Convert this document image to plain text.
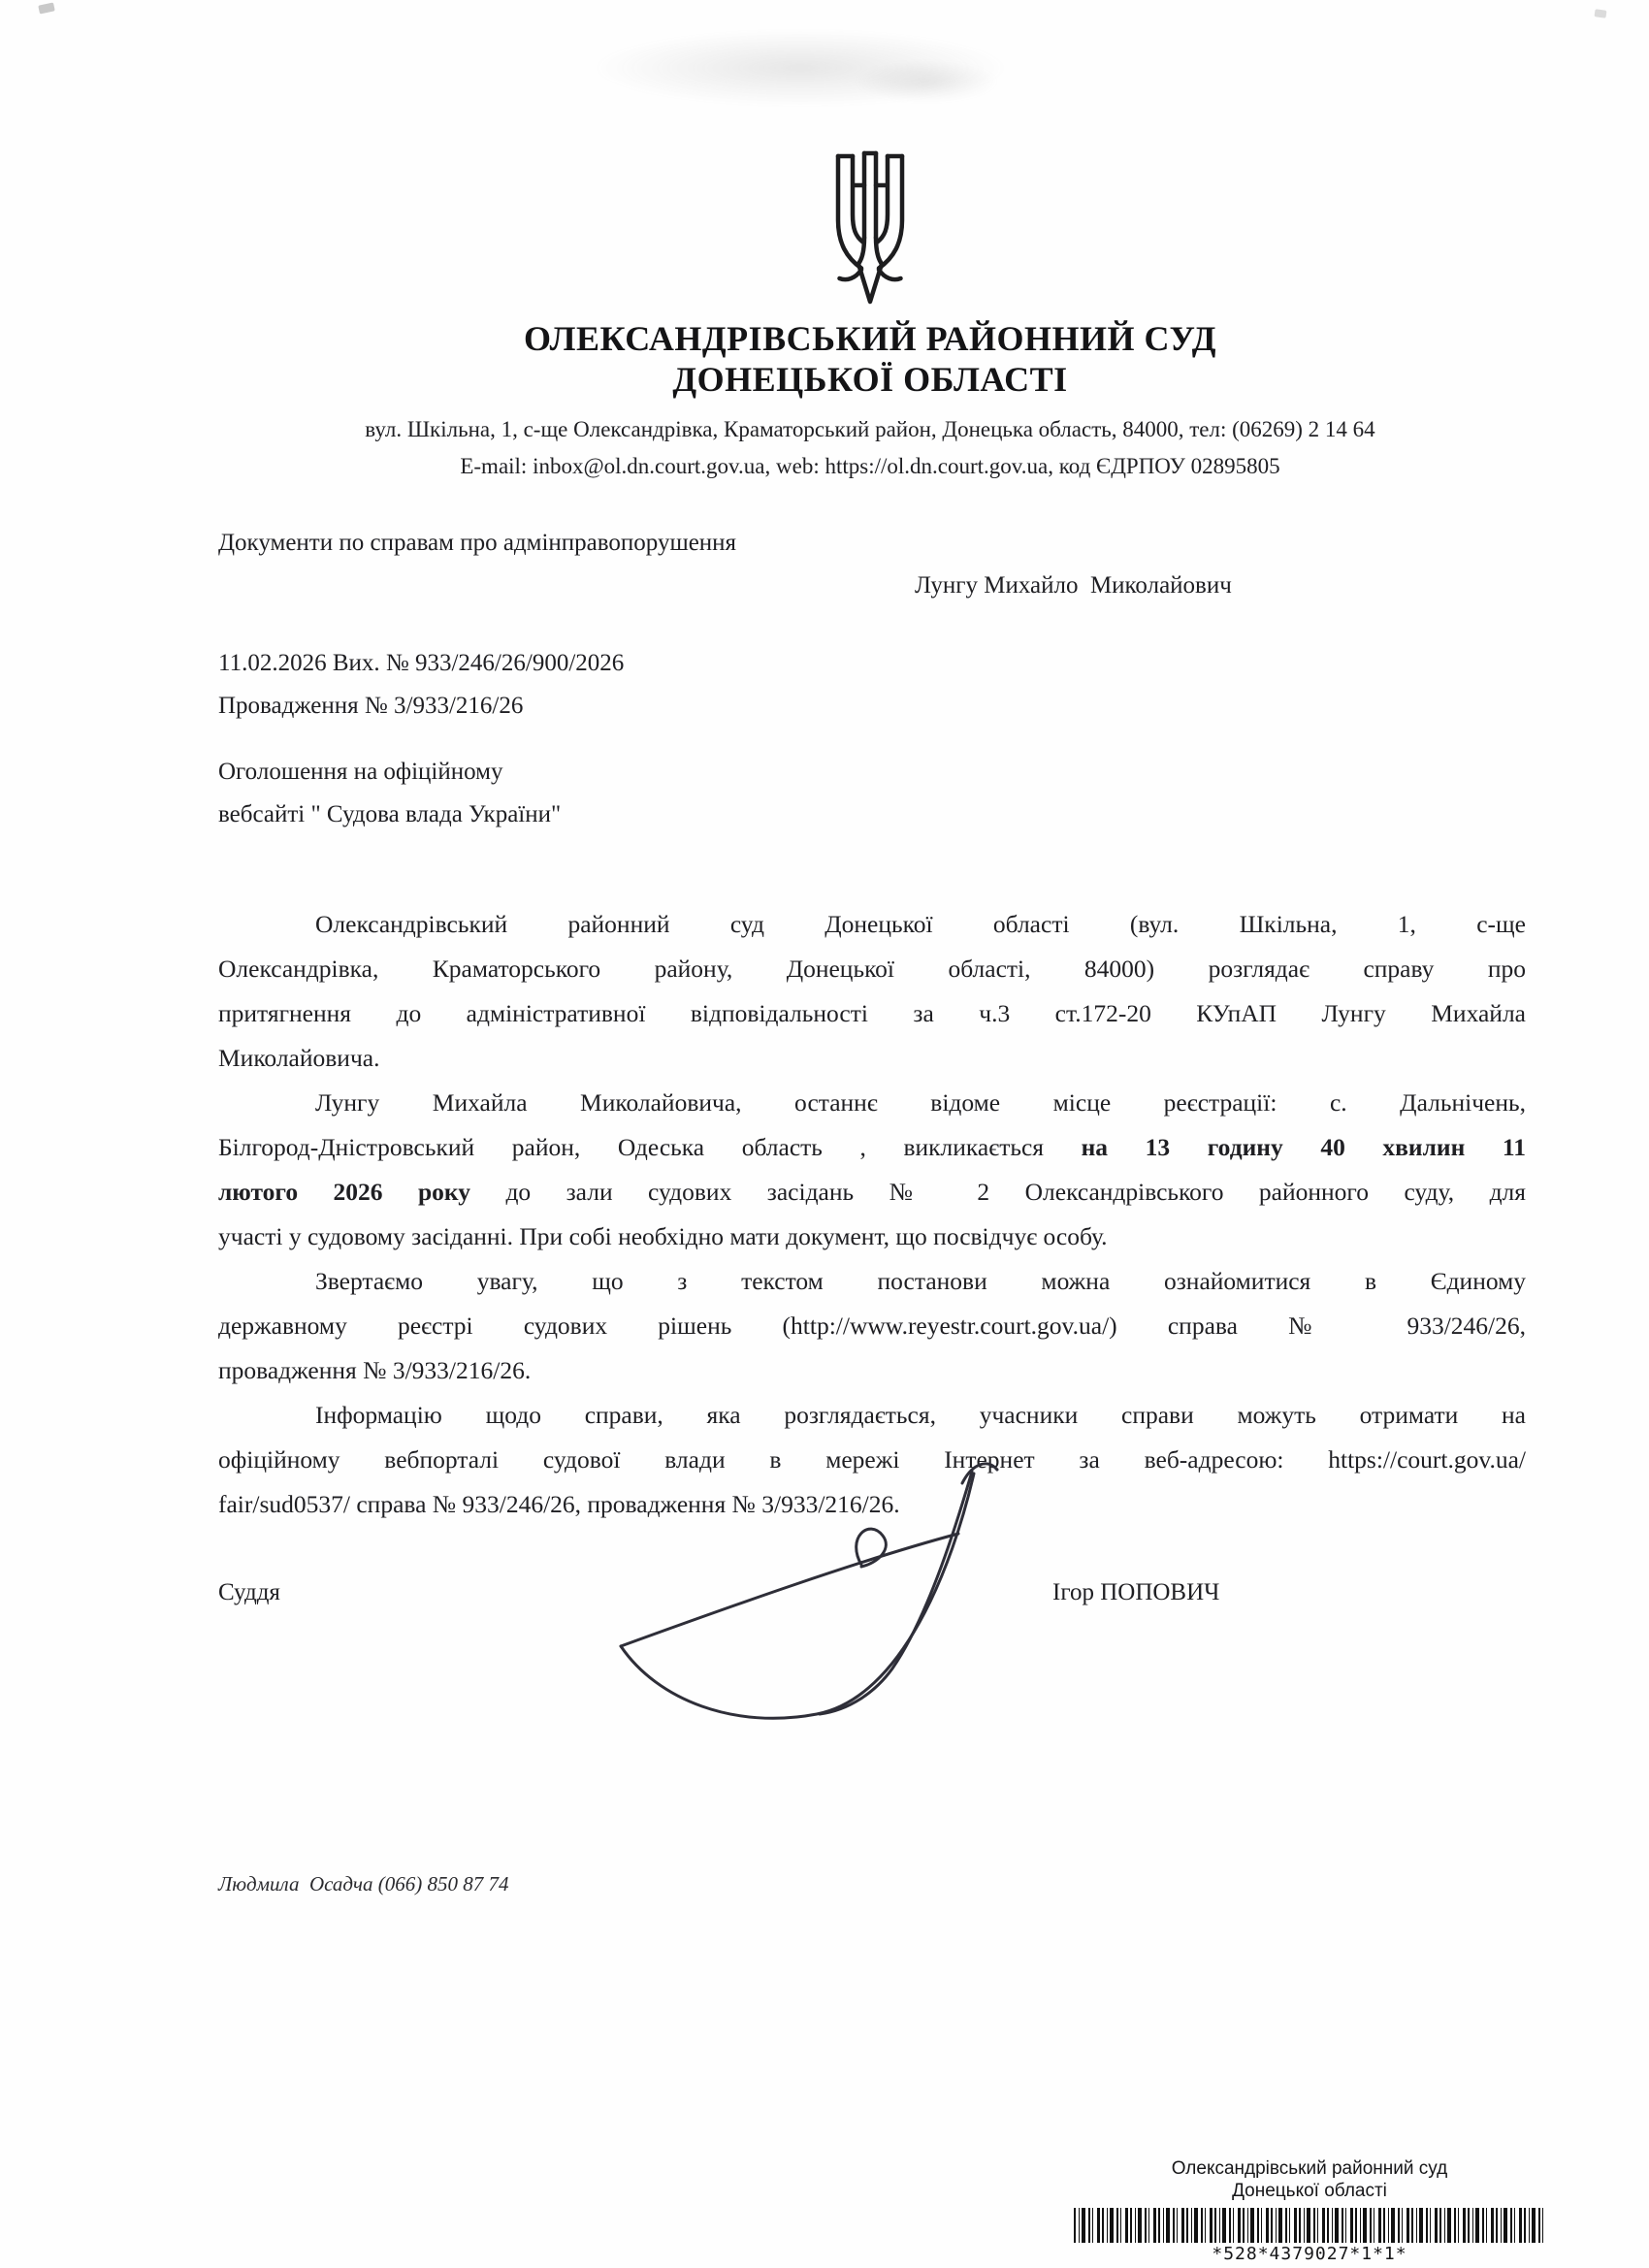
ОЛЕКСАНДРІВСЬКИЙ РАЙОННИЙ СУД
ДОНЕЦЬКОЇ ОБЛАСТІ
вул. Шкільна, 1, с-ще Олександрівка, Краматорський район, Донецька область, 84000, тел: (06269) 2 14 64
E-mail: inbox@ol.dn.court.gov.ua, web: https://ol.dn.court.gov.ua, код ЄДРПОУ 02895805
Документи по справам про адмінправопорушення
Лунгу Михайло  Миколайович
11.02.2026 Вих. № 933/246/26/900/2026
Провадження № 3/933/216/26
Оголошення на офіційному
вебсайті " Судова влада України"

Олександрівський районний суд Донецької області (вул. Шкільна, 1, с-ще
Олександрівка, Краматорського району, Донецької області, 84000) розглядає справу про
притягнення до адміністративної відповідальності за ч.3 ст.172-20 КУпАП Лунгу Михайла
Миколайовича.

Лунгу Михайла Миколайовича, останнє відоме місце реєстрації: с. Дальнічень,
Білгород-Дністровський район, Одеська область , викликається на 13 годину 40 хвилин 11
лютого 2026 року до зали судових засідань № 2 Олександрівського районного суду, для
участі у судовому засіданні. При собі необхідно мати документ, що посвідчує особу.

Звертаємо увагу, що з текстом постанови можна ознайомитися в Єдиному
державному реєстрі судових рішень (http://www.reyestr.court.gov.ua/) справа № 933/246/26,
провадження № 3/933/216/26.

Інформацію щодо справи, яка розглядається, учасники справи можуть отримати на
офіційному вебпорталі судової влади в мережі Інтернет за веб-адресою: https://court.gov.ua/
fair/sud0537/ справа № 933/246/26, провадження № 3/933/216/26.

Суддя	Ігор ПОПОВИЧ
Людмила  Осадча (066) 850 87 74
Олександрівський районний суд
Донецької області
*528*4379027*1*1*
